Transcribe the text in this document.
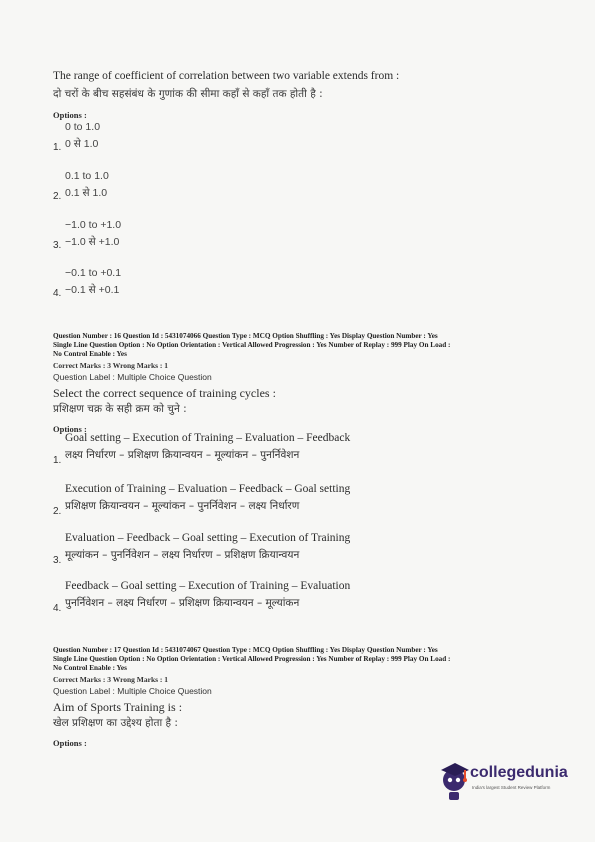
The range of coefficient of correlation between two variable extends from :
दो चरों के बीच सहसंबंध के गुणांक की सीमा कहाँ से कहाँ तक होती है :
Options :
0 to 1.0
0 से 1.0
1.
0.1 to 1.0
0.1 से 1.0
2.
−1.0 to +1.0
−1.0 से +1.0
3.
−0.1 to +0.1
−0.1 से +0.1
4.
Question Number : 16 Question Id : 5431074066 Question Type : MCQ Option Shuffling : Yes Display Question Number : Yes
Single Line Question Option : No Option Orientation : Vertical Allowed Progression : Yes Number of Replay : 999 Play On Load :
No Control Enable : Yes
Correct Marks : 3 Wrong Marks : 1
Question Label : Multiple Choice Question
Select the correct sequence of training cycles :
प्रशिक्षण चक्र के सही क्रम को चुने :
Options :
Goal setting – Execution of Training – Evaluation – Feedback
लक्ष्य निर्धारण – प्रशिक्षण क्रियान्वयन – मूल्यांकन – पुनर्निवेशन
1.
Execution of Training – Evaluation – Feedback – Goal setting
प्रशिक्षण क्रियान्वयन – मूल्यांकन – पुनर्निवेशन – लक्ष्य निर्धारण
2.
Evaluation – Feedback – Goal setting – Execution of Training
मूल्यांकन – पुनर्निवेशन – लक्ष्य निर्धारण – प्रशिक्षण क्रियान्वयन
3.
Feedback – Goal setting – Execution of Training – Evaluation
पुनर्निवेशन – लक्ष्य निर्धारण – प्रशिक्षण क्रियान्वयन – मूल्यांकन
4.
Question Number : 17 Question Id : 5431074067 Question Type : MCQ Option Shuffling : Yes Display Question Number : Yes
Single Line Question Option : No Option Orientation : Vertical Allowed Progression : Yes Number of Replay : 999 Play On Load :
No Control Enable : Yes
Correct Marks : 3 Wrong Marks : 1
Question Label : Multiple Choice Question
Aim of Sports Training is :
खेल प्रशिक्षण का उद्देश्य होता है :
Options :
collegedunia
India's largest Student Review Platform
